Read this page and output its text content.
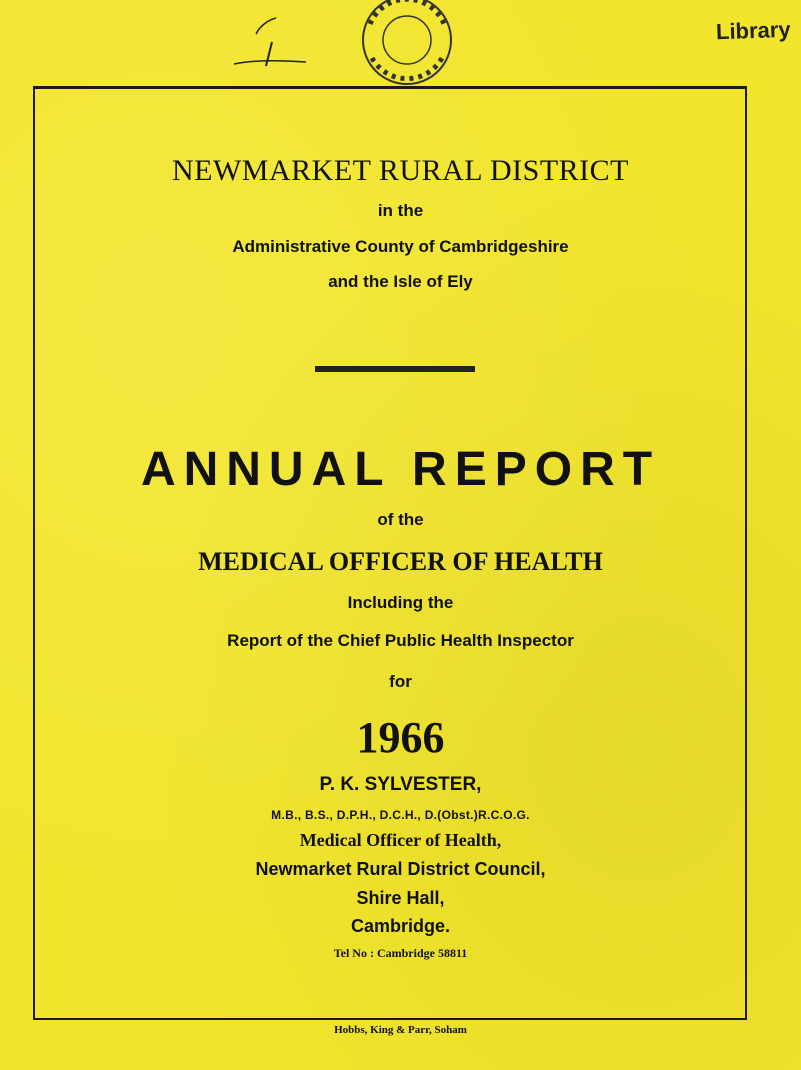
Library
NEWMARKET RURAL DISTRICT
in the
Administrative County of Cambridgeshire
and the Isle of Ely
ANNUAL REPORT
of the
MEDICAL OFFICER OF HEALTH
Including the
Report of the Chief Public Health Inspector
for
1966
P. K. SYLVESTER,
M.B., B.S., D.P.H., D.C.H., D.(Obst.)R.C.O.G.
Medical Officer of Health,
Newmarket Rural District Council,
Shire Hall,
Cambridge.
Tel No : Cambridge 58811
Hobbs, King & Parr, Soham
